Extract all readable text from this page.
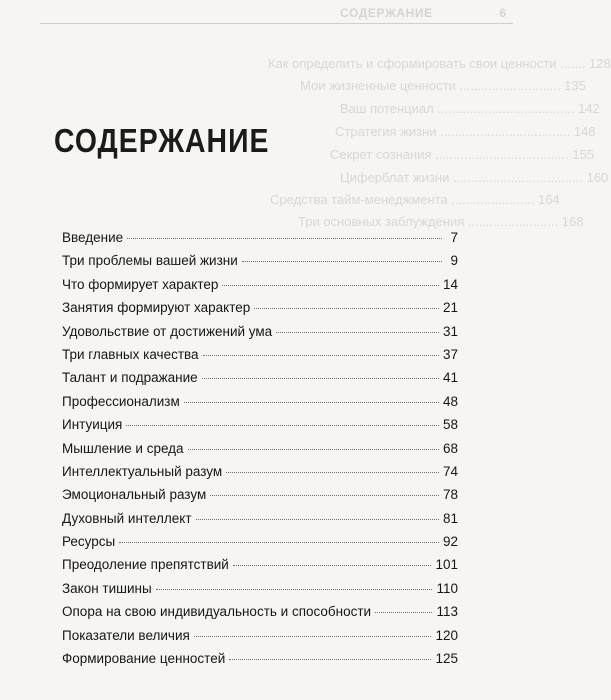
СОДЕРЖАНИЕ	6
Как определить и сформировать свои ценности ....... 128
Мои жизненные ценности ............................ 135
Ваш потенциал ...................................... 142
Стратегия жизни .................................... 148
Секрет сознания ..................................... 155
Циферблат жизни .................................... 160
Средства тайм-менеджмента ....................... 164
Три основных заблуждения ......................... 168
СОДЕРЖАНИЕ
Введение	7
Три проблемы вашей жизни	9
Что формирует характер	14
Занятия формируют характер	21
Удовольствие от достижений ума	31
Три главных качества	37
Талант и подражание	41
Профессионализм	48
Интуиция	58
Мышление и среда	68
Интеллектуальный разум	74
Эмоциональный разум	78
Духовный интеллект	81
Ресурсы	92
Преодоление препятствий	101
Закон тишины	110
Опора на свою индивидуальность и способности	113
Показатели величия	120
Формирование ценностей	125
